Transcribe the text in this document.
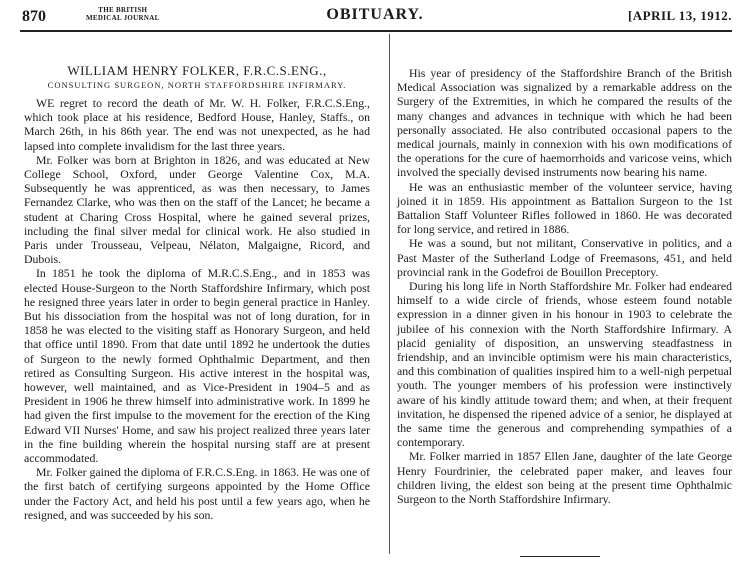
870	THE BRITISH
MEDICAL JOURNAL	OBITUARY.	[APRIL 13, 1912.
WILLIAM HENRY FOLKER, F.R.C.S.ENG.,
CONSULTING SURGEON, NORTH STAFFORDSHIRE INFIRMARY.

WE regret to record the death of Mr. W. H. Folker, F.R.C.S.Eng., which took place at his residence, Bedford House, Hanley, Staffs., on March 26th, in his 86th year. The end was not unexpected, as he had lapsed into complete invalidism for the last three years.

Mr. Folker was born at Brighton in 1826, and was educated at New College School, Oxford, under George Valentine Cox, M.A. Subsequently he was apprenticed, as was then necessary, to James Fernandez Clarke, who was then on the staff of the Lancet; he became a student at Charing Cross Hospital, where he gained several prizes, including the final silver medal for clinical work. He also studied in Paris under Trousseau, Velpeau, Nélaton, Malgaigne, Ricord, and Dubois.

In 1851 he took the diploma of M.R.C.S.Eng., and in 1853 was elected House-Surgeon to the North Staffordshire Infirmary, which post he resigned three years later in order to begin general practice in Hanley. But his dissociation from the hospital was not of long duration, for in 1858 he was elected to the visiting staff as Honorary Surgeon, and held that office until 1890. From that date until 1892 he undertook the duties of Surgeon to the newly formed Ophthalmic Department, and then retired as Consulting Surgeon. His active interest in the hospital was, however, well maintained, and as Vice-President in 1904–5 and as President in 1906 he threw himself into administrative work. In 1899 he had given the first impulse to the movement for the erection of the King Edward VII Nurses' Home, and saw his project realized three years later in the fine building wherein the hospital nursing staff are at present accommodated.

Mr. Folker gained the diploma of F.R.C.S.Eng. in 1863. He was one of the first batch of certifying surgeons appointed by the Home Office under the Factory Act, and held his post until a few years ago, when he resigned, and was succeeded by his son.

His year of presidency of the Staffordshire Branch of the British Medical Association was signalized by a remarkable address on the Surgery of the Extremities, in which he compared the results of the many changes and advances in technique with which he had been personally associated. He also contributed occasional papers to the medical journals, mainly in connexion with his own modifications of the operations for the cure of haemorrhoids and varicose veins, which involved the specially devised instruments now bearing his name.

He was an enthusiastic member of the volunteer service, having joined it in 1859. His appointment as Battalion Surgeon to the 1st Battalion Staff Volunteer Rifles followed in 1860. He was decorated for long service, and retired in 1886.

He was a sound, but not militant, Conservative in politics, and a Past Master of the Sutherland Lodge of Freemasons, 451, and held provincial rank in the Godefroi de Bouillon Preceptory.

During his long life in North Staffordshire Mr. Folker had endeared himself to a wide circle of friends, whose esteem found notable expression in a dinner given in his honour in 1903 to celebrate the jubilee of his connexion with the North Staffordshire Infirmary. A placid geniality of disposition, an unswerving steadfastness in friendship, and an invincible optimism were his main characteristics, and this combination of qualities inspired him to a well-nigh perpetual youth. The younger members of his profession were instinctively aware of his kindly attitude toward them; and when, at their frequent invitation, he dispensed the ripened advice of a senior, he displayed at the same time the generous and comprehending sympathies of a contemporary.

Mr. Folker married in 1857 Ellen Jane, daughter of the late George Henry Fourdrinier, the celebrated paper maker, and leaves four children living, the eldest son being at the present time Ophthalmic Surgeon to the North Staffordshire Infirmary.
